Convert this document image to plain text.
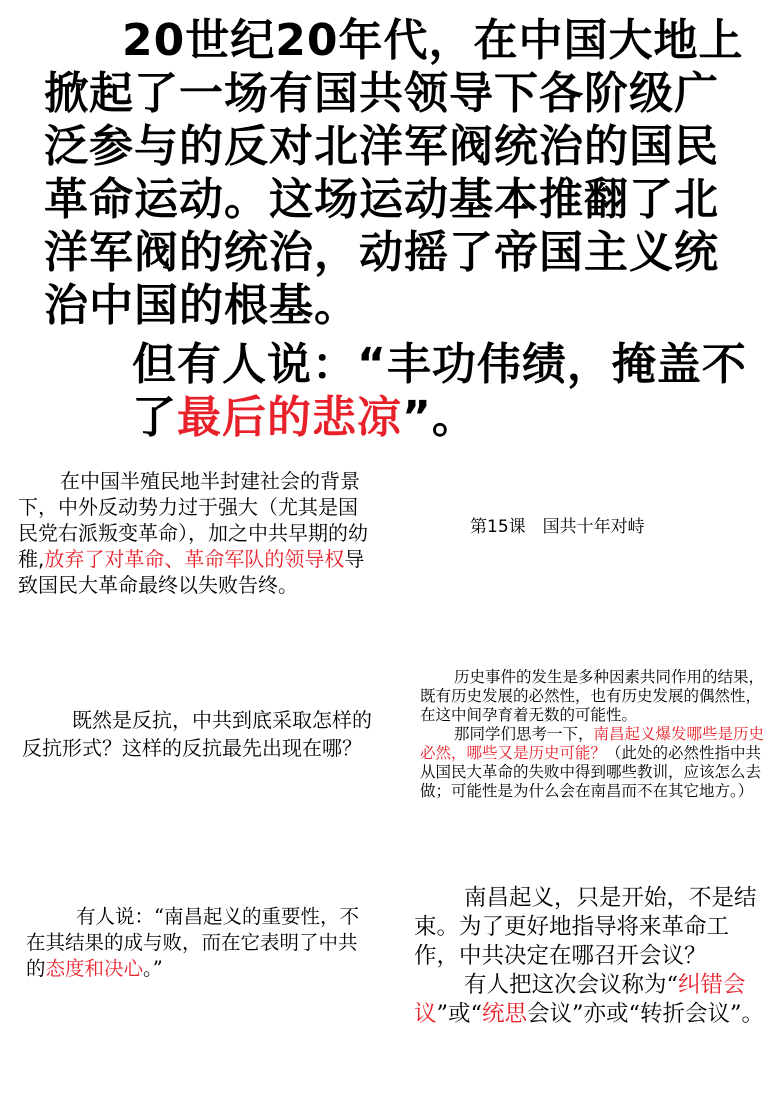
20世纪20年代，在中国大地上掀起了一场有国共领导下各阶级广泛参与的反对北洋军阀统治的国民革命运动。这场运动基本推翻了北洋军阀的统治，动摇了帝国主义统治中国的根基。
但有人说：“丰功伟绩，掩盖不了最后的悲凉”。
在中国半殖民地半封建社会的背景下，中外反动势力过于强大（尤其是国民党右派叛变革命），加之中共早期的幼稚,放弃了对革命、革命军队的领导权导致国民大革命最终以失败告终。
第15课　国共十年对峙
既然是反抗，中共到底采取怎样的反抗形式？这样的反抗最先出现在哪？

历史事件的发生是多种因素共同作用的结果，既有历史发展的必然性，也有历史发展的偶然性，在这中间孕育着无数的可能性。

那同学们思考一下，南昌起义爆发哪些是历史必然，哪些又是历史可能？（此处的必然性指中共从国民大革命的失败中得到哪些教训，应该怎么去做；可能性是为什么会在南昌而不在其它地方。）

有人说：“南昌起义的重要性，不在其结果的成与败，而在它表明了中共的态度和决心。”

南昌起义，只是开始，不是结束。为了更好地指导将来革命工作，中共决定在哪召开会议？

有人把这次会议称为“纠错会议”或“统思会议”亦或“转折会议”。
